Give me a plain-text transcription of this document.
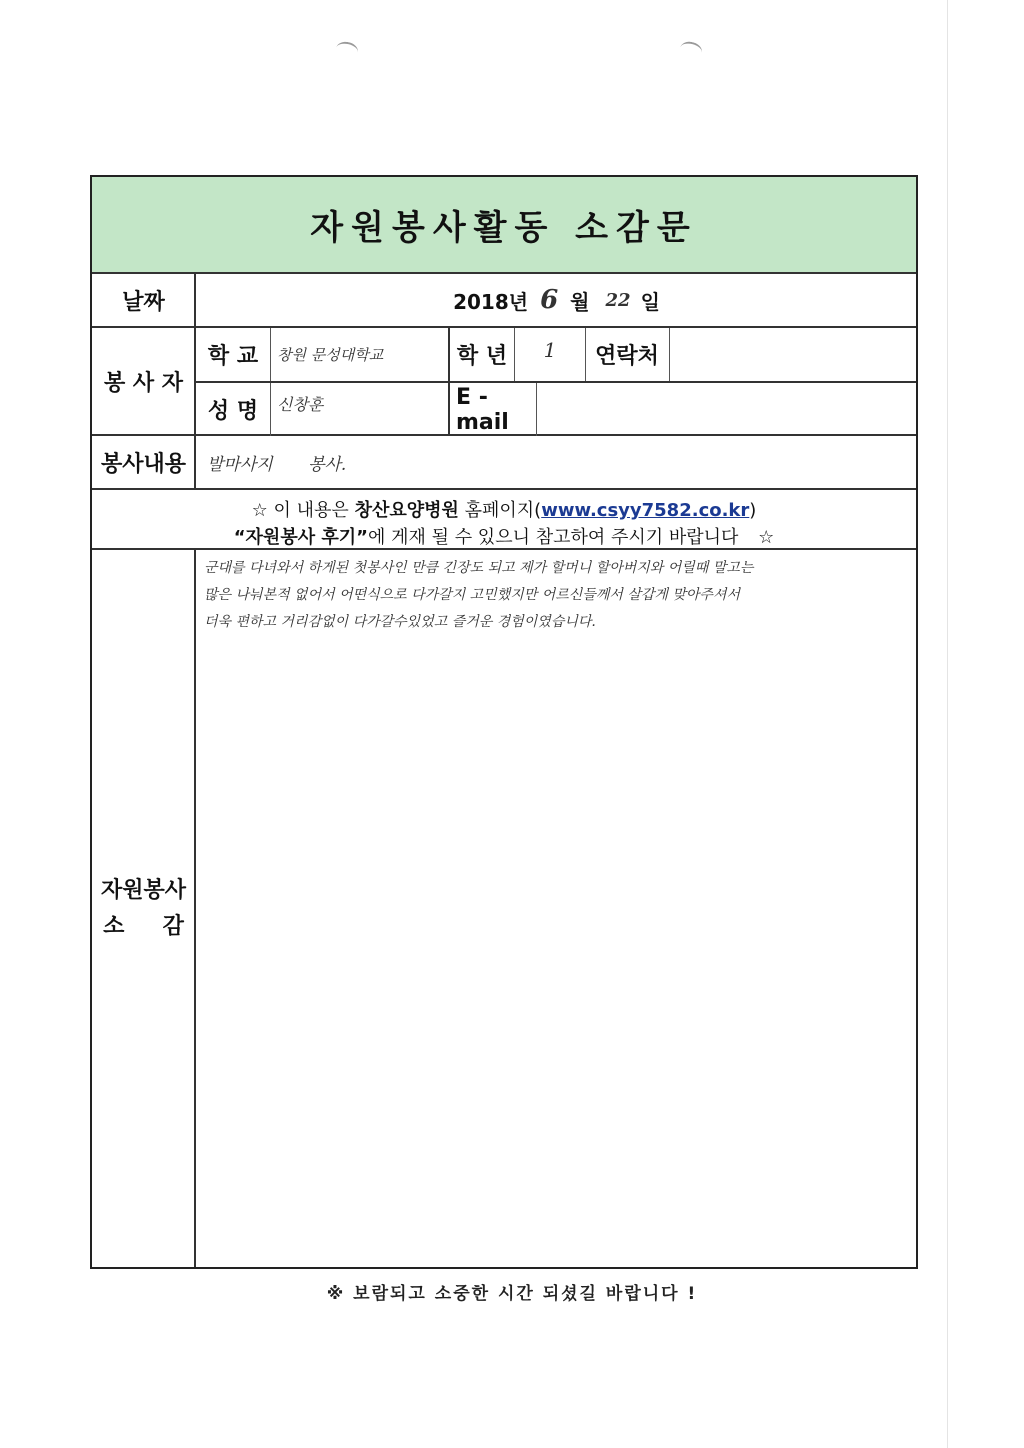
자원봉사활동 소감문
날짜	2018년 6 월 22 일
봉 사 자
학 교	창원 문성대학교	학 년	1	연락처
성 명	신창훈	E -mail
봉사내용	발마사지 봉사.
☆ 이 내용은 창산요양병원 홈페이지(www.csyy7582.co.kr)
“자원봉사 후기”에 게재 될 수 있으니 참고하여 주시기 바랍니다 ☆
자원봉사
소     감
군대를 다녀와서 하게된 첫봉사인 만큼 긴장도 되고 제가 할머니 할아버지와 어릴때 말고는
많은 나눠본적 없어서 어떤식으로 다가갈지 고민했지만 어르신들께서 살갑게 맞아주셔서
더욱 편하고 거리감없이 다가갈수있었고 즐거운 경험이였습니다.
※ 보람되고 소중한 시간 되셨길 바랍니다 !
